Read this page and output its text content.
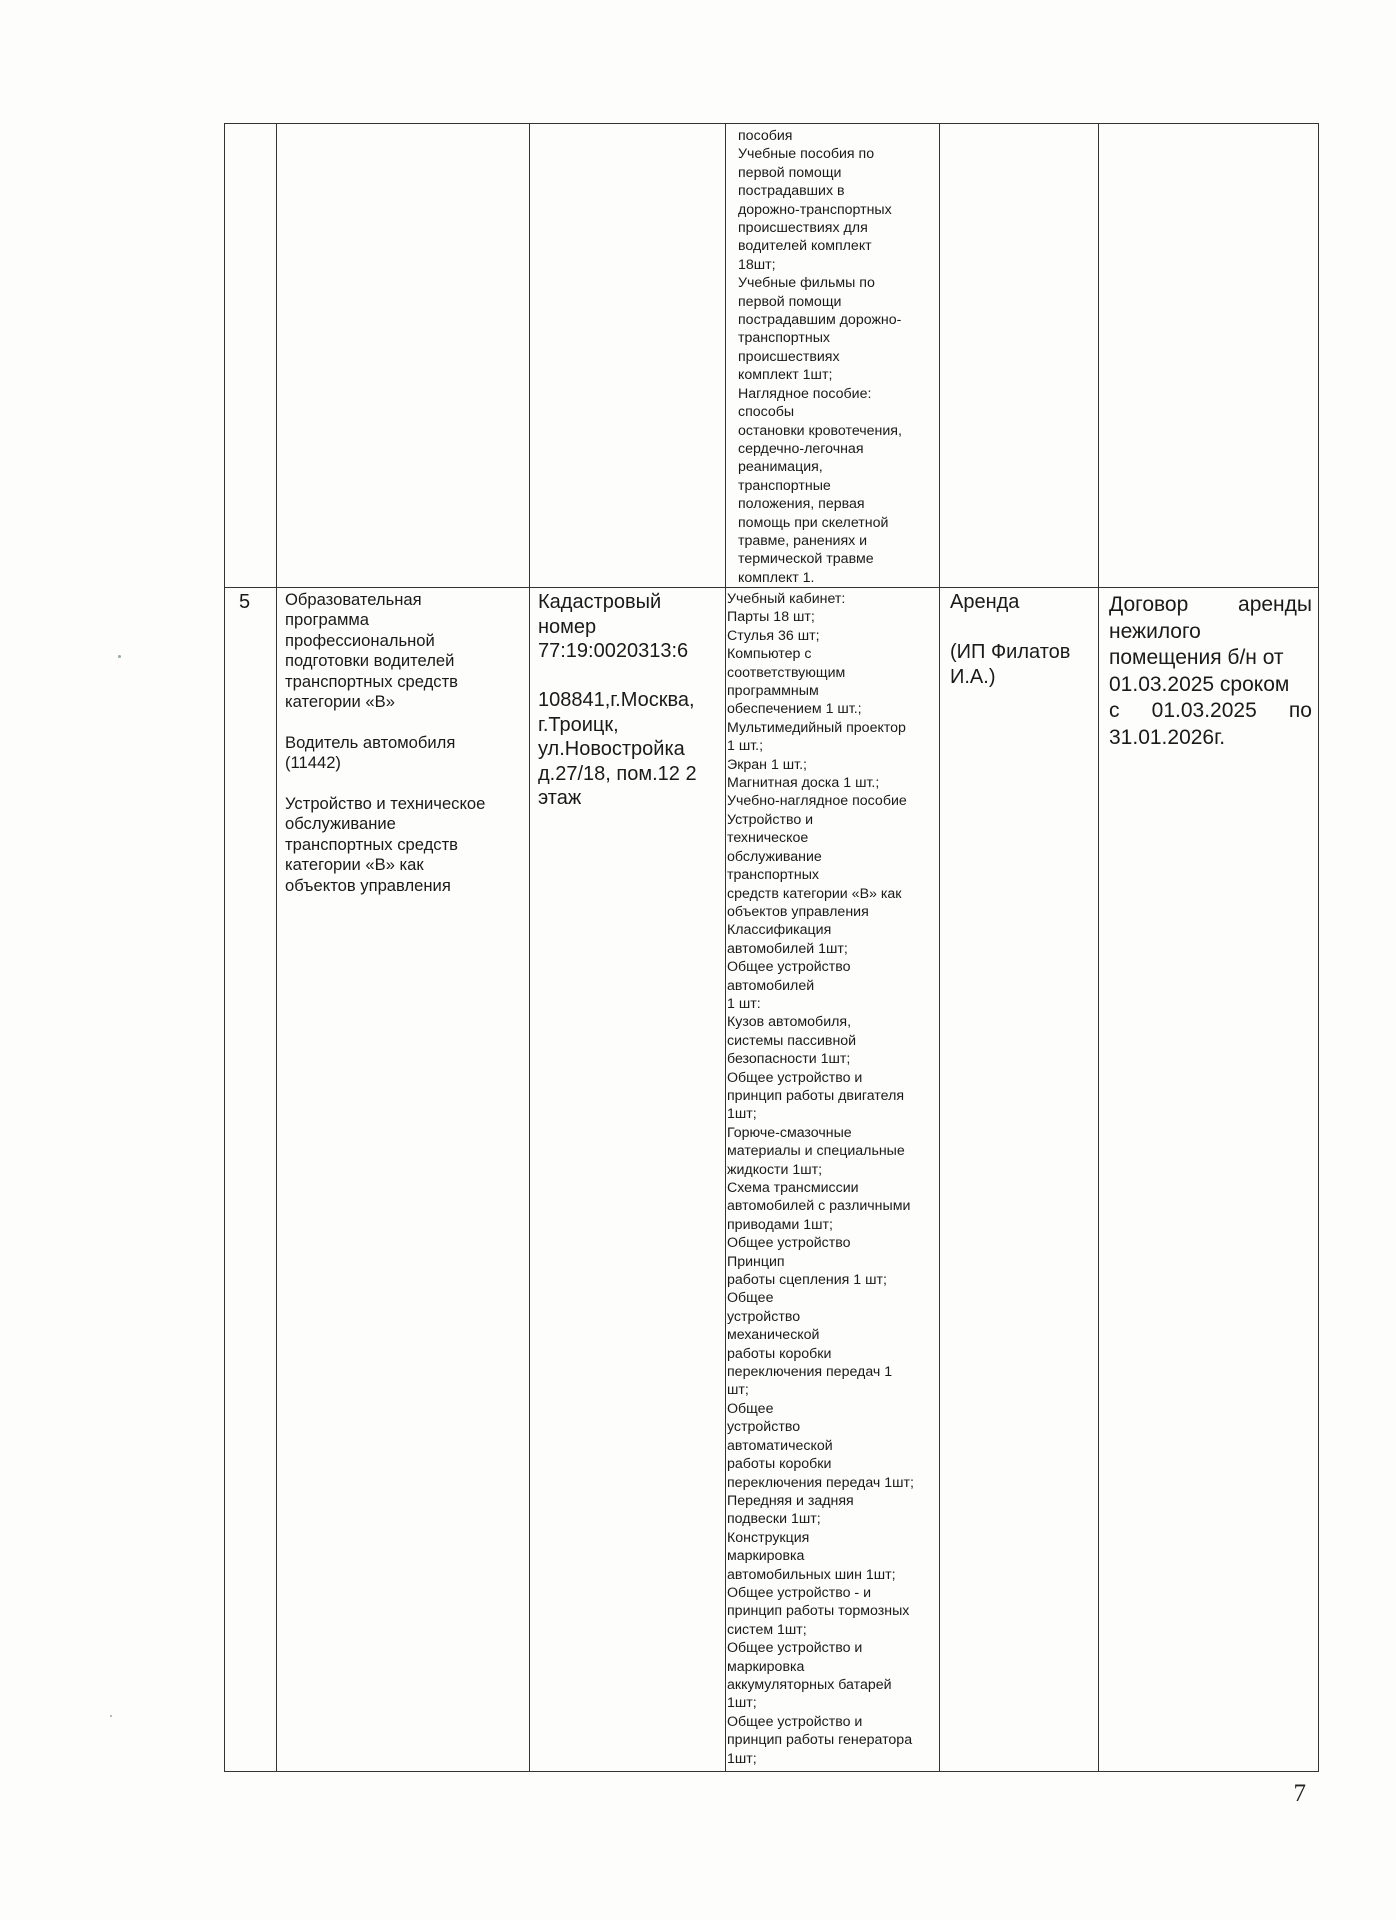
пособия
Учебные пособия по
первой помощи
пострадавших в
дорожно-транспортных
происшествиях для
водителей комплект
18шт;
Учебные фильмы по
первой помощи
пострадавшим дорожно-
транспортных
происшествиях
комплект 1шт;
Наглядное пособие:
способы
остановки кровотечения,
сердечно-легочная
реанимация,
транспортные
положения, первая
помощь при скелетной
травме, ранениях и
термической травме
комплект 1.
5	Образовательная
программа
профессиональной
подготовки водителей
транспортных средств
категории «В»

Водитель автомобиля
(11442)

Устройство и техническое
обслуживание
транспортных средств
категории «В» как
объектов управления
Кадастровый
номер
77:19:0020313:6

108841,г.Москва,
г.Троицк,
ул.Новостройка
д.27/18, пом.12 2
этаж
Учебный кабинет:
Парты 18 шт;
Стулья 36 шт;
Компьютер с
соответствующим
программным
обеспечением 1 шт.;
Мультимедийный проектор
1 шт.;
Экран 1 шт.;
Магнитная доска 1 шт.;
Учебно-наглядное пособие
Устройство и
техническое
обслуживание
транспортных
средств категории «В» как
объектов управления
Классификация
автомобилей 1шт;
Общее устройство
автомобилей
1 шт:
Кузов автомобиля,
системы пассивной
безопасности 1шт;
Общее устройство и
принцип работы двигателя
1шт;
Горюче-смазочные
материалы и специальные
жидкости 1шт;
Схема трансмиссии
автомобилей с различными
приводами 1шт;
Общее устройство
Принцип
работы сцепления 1 шт;
Общее
устройство
механической
работы коробки
переключения передач 1
шт;
Общее
устройство
автоматической
работы коробки
переключения передач 1шт;
Передняя и задняя
подвески 1шт;
Конструкция
маркировка
автомобильных шин 1шт;
Общее устройство - и
принцип работы тормозных
систем 1шт;
Общее устройство и
маркировка
аккумуляторных батарей
1шт;
Общее устройство и
принцип работы генератора
1шт;
Аренда

(ИП Филатов
И.А.)
Договор аренды
нежилого
помещения б/н от
01.03.2025 сроком
с 01.03.2025 по
31.01.2026г.
7
